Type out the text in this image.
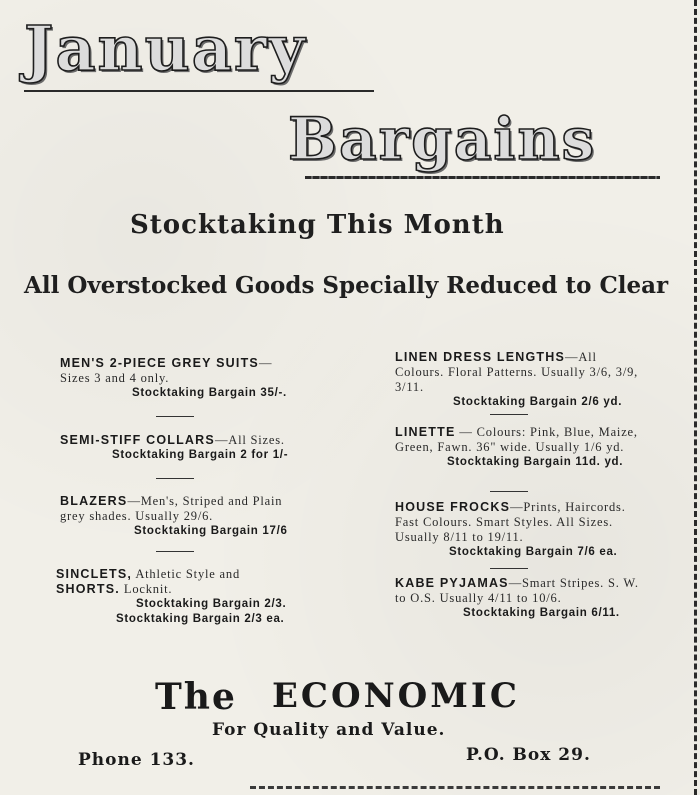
January
Bargains
Stocktaking This Month
All Overstocked Goods Specially Reduced to Clear
MEN'S 2-PIECE GREY SUITS—Sizes 3 and 4 only.
Stocktaking Bargain 35/-.
SEMI-STIFF COLLARS—All Sizes.
Stocktaking Bargain 2 for 1/-
BLAZERS—Men's, Striped and Plain grey shades. Usually 29/6.
Stocktaking Bargain 17/6
SINCLETS, Athletic Style and
SHORTS. Locknit.
Stocktaking Bargain 2/3.
Stocktaking Bargain 2/3 ea.
LINEN DRESS LENGTHS—All Colours. Floral Patterns. Usually 3/6, 3/9, 3/11.
Stocktaking Bargain 2/6 yd.
LINETTE — Colours: Pink, Blue, Maize, Green, Fawn. 36" wide. Usually 1/6 yd.
Stocktaking Bargain 11d. yd.
HOUSE FROCKS—Prints, Haircords. Fast Colours. Smart Styles. All Sizes. Usually 8/11 to 19/11.
Stocktaking Bargain 7/6 ea.
KABE PYJAMAS—Smart Stripes. S. W. to O.S. Usually 4/11 to 10/6.
Stocktaking Bargain 6/11.

The ECONOMIC

For Quality and Value.

Phone 133.	P.O. Box 29.
